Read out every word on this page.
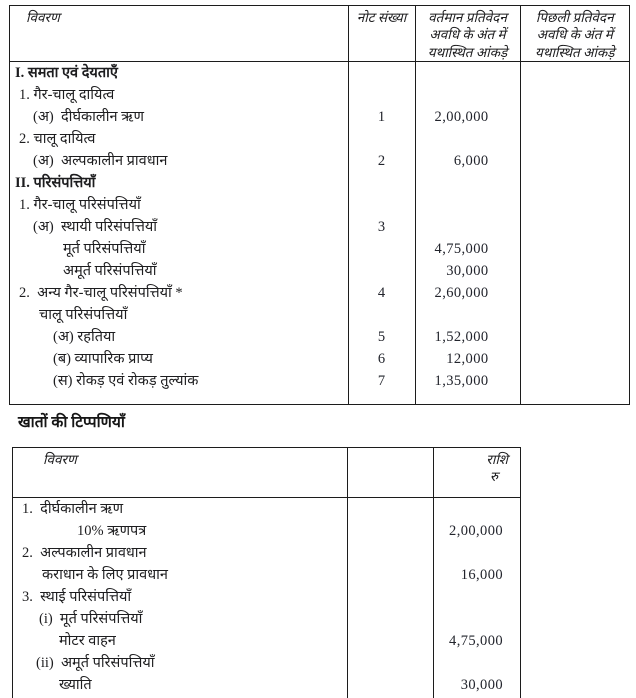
विवरण	नोट संख्या	वर्तमान प्रतिवेदन अवधि के अंत में यथास्थित आंकड़े	पिछली प्रतिवेदन अवधि के अंत में यथास्थित आंकड़े
I. समता एवं देयताएँ			
1. गैर-चालू दायित्व			
(अ)  दीर्घकालीन ऋण	1	2,00,000	
2. चालू दायित्व			
(अ)  अल्पकालीन प्रावधान	2	6,000	
II. परिसंपत्तियाँ			
1. गैर-चालू परिसंपत्तियाँ			
(अ)  स्थायी परिसंपत्तियाँ	3		
मूर्त परिसंपत्तियाँ		4,75,000	
अमूर्त परिसंपत्तियाँ		30,000	
2.  अन्य गैर-चालू परिसंपत्तियाँ *	4	2,60,000	
चालू परिसंपत्तियाँ			
(अ) रहतिया	5	1,52,000	
(ब) व्यापारिक प्राप्य	6	12,000	
(स) रोकड़ एवं रोकड़ तुल्यांक	7	1,35,000	

खातों की टिप्पणियाँ
विवरण		राशि
रु

1.  दीर्घकालीन ऋण		
10% ऋणपत्र		2,00,000
2.  अल्पकालीन प्रावधान		
कराधान के लिए प्रावधान		16,000
3.  स्थाई परिसंपत्तियाँ		
(i)  मूर्त परिसंपत्तियाँ		
मोटर वाहन		4,75,000
(ii)  अमूर्त परिसंपत्तियाँ		
ख्याति		30,000
